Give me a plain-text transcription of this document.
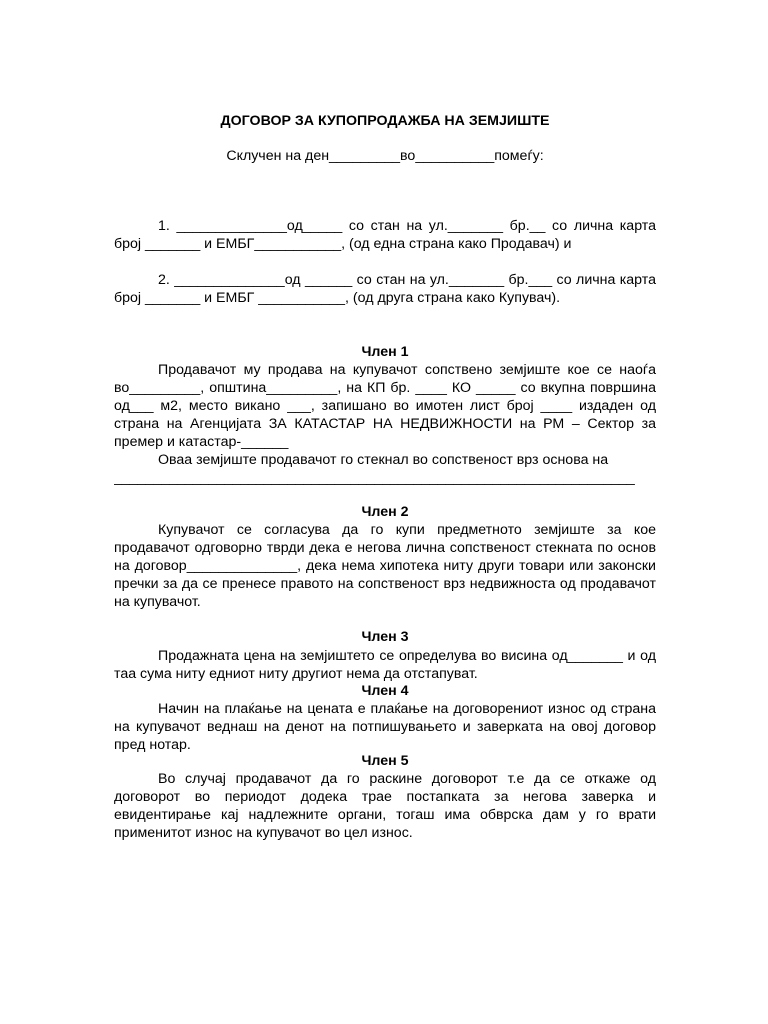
ДОГОВОР ЗА КУПОПРОДАЖБА НА ЗЕМЈИШТЕ
Склучен на ден_________во__________помеѓу:

1. ______________од_____ со стан на ул._______ бр.__ со лична карта број _______ и ЕМБГ___________, (од една страна како Продавач) и

2. ______________од ______ со стан на ул._______ бр.___ со лична карта број _______ и ЕМБГ ___________, (од друга страна како Купувач).

Член 1

Продавачот му продава на купувачот сопствено земјиште кое се наоѓа во_________, општина_________, на КП бр. ____ КО _____ со вкупна површина од___ м2, место викано ___, запишано во имотен лист број ____ издаден од страна на Агенцијата ЗА КАТАСТАР НА НЕДВИЖНОСТИ на РМ – Сектор за премер и катастар-______

Оваа земјиште продавачот го стекнал во сопственост врз основа на

__________________________________________________________________
Член 2

Купувачот се согласува да го купи предметното земјиште за кое продавачот одговорно тврди дека е негова лична сопственост стекната по основ на договор______________, дека нема хипотека ниту други товари или законски пречки за да се пренесе правото на сопственост врз недвижноста од продавачот на купувачот.

Член 3

Продажната цена на земјиштето се определува во висина од_______ и од таа сума ниту едниот ниту другиот нема да отстапуват.

Член 4

Начин на плаќање на цената е плаќање на договорениот износ од страна на купувачот веднаш на денот на потпишувањето и заверката на овој договор пред нотар.

Член 5

Во случај продавачот да го раскине договорот т.е да се откаже од договорот во периодот додека трае постапката за негова заверка и евидентирање кај надлежните органи, тогаш има обврска дам у го врати применитот износ на купувачот во цел износ.
